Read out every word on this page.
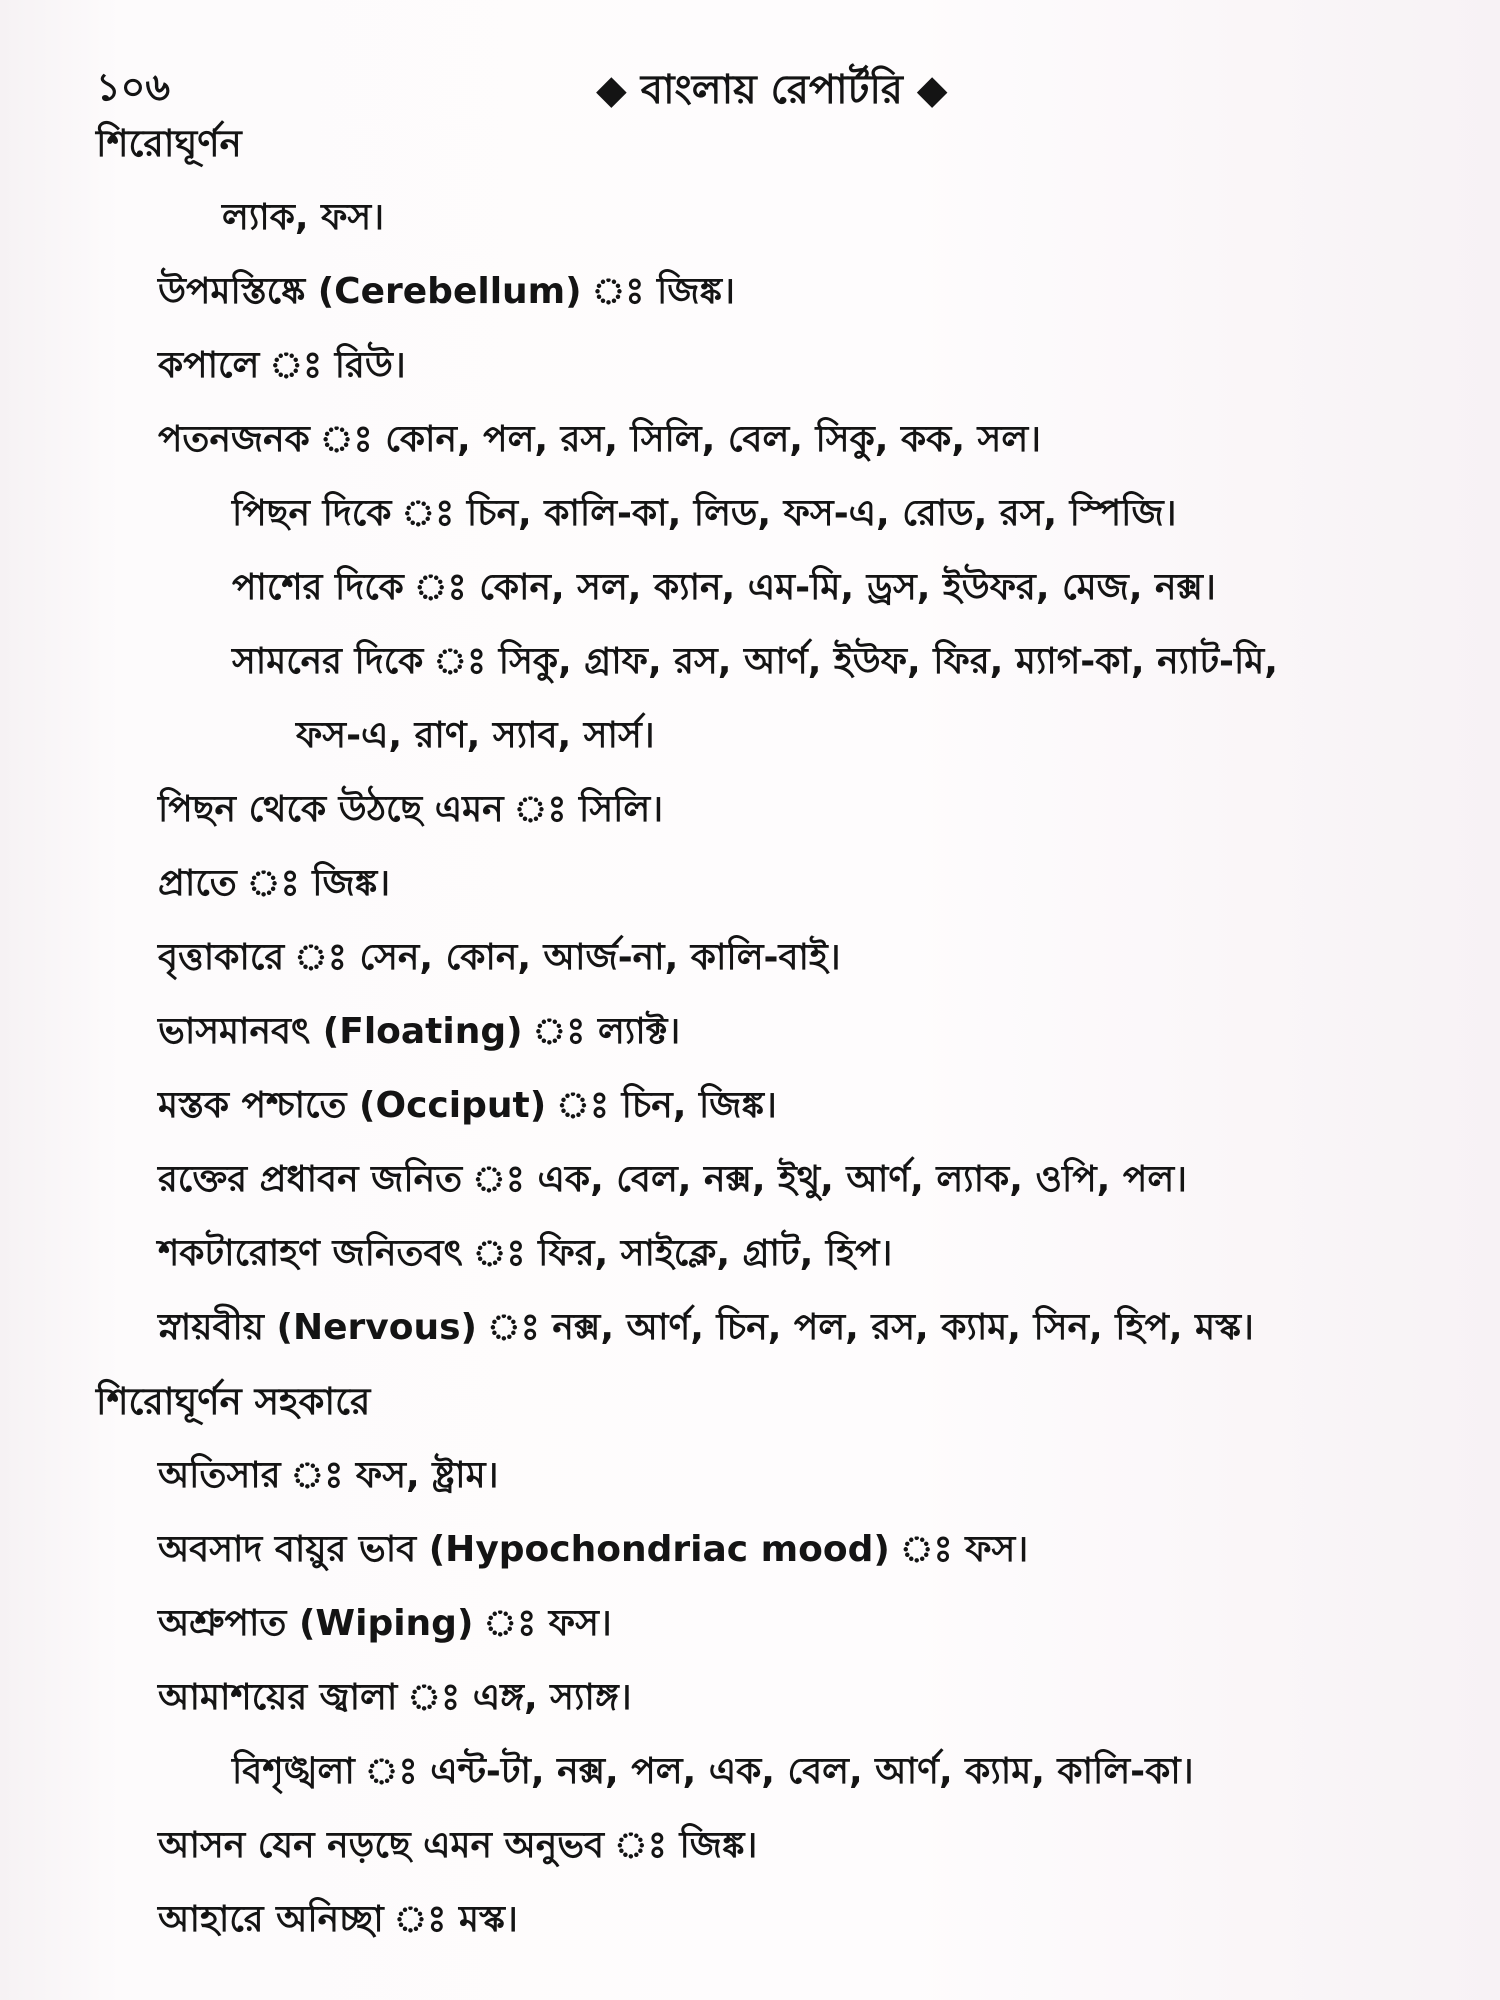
১০৬	◆ বাংলায় রেপার্টরি ◆
শিরোঘূর্ণন
ল্যাক, ফস।
উপমস্তিষ্কে (Cerebellum) ঃ জিঙ্ক।
কপালে ঃ রিউ।
পতনজনক ঃ কোন, পল, রস, সিলি, বেল, সিকু, কক, সল।
পিছন দিকে ঃ চিন, কালি-কা, লিড, ফস-এ, রোড, রস, স্পিজি।
পাশের দিকে ঃ কোন, সল, ক্যান, এম-মি, ড্রস, ইউফর, মেজ, নক্স।
সামনের দিকে ঃ সিকু, গ্রাফ, রস, আর্ণ, ইউফ, ফির, ম্যাগ-কা, ন্যাট-মি,
ফস-এ, রাণ, স্যাব, সার্স।
পিছন থেকে উঠছে এমন ঃ সিলি।
প্রাতে ঃ জিঙ্ক।
বৃত্তাকারে ঃ সেন, কোন, আর্জ-না, কালি-বাই।
ভাসমানবৎ (Floating) ঃ ল্যাক্ট।
মস্তক পশ্চাতে (Occiput) ঃ চিন, জিঙ্ক।
রক্তের প্রধাবন জনিত ঃ এক, বেল, নক্স, ইথু, আর্ণ, ল্যাক, ওপি, পল।
শকটারোহণ জনিতবৎ ঃ ফির, সাইক্লে, গ্রাট, হিপ।
স্নায়বীয় (Nervous) ঃ নক্স, আর্ণ, চিন, পল, রস, ক্যাম, সিন, হিপ, মস্ক।
শিরোঘূর্ণন সহকারে
অতিসার ঃ ফস, ষ্ট্রাম।
অবসাদ বায়ুর ভাব (Hypochondriac mood) ঃ ফস।
অশ্রুপাত (Wiping) ঃ ফস।
আমাশয়ের জ্বালা ঃ এঙ্গ, স্যাঙ্গ।
বিশৃঙ্খলা ঃ এন্ট-টা, নক্স, পল, এক, বেল, আর্ণ, ক্যাম, কালি-কা।
আসন যেন নড়ছে এমন অনুভব ঃ জিঙ্ক।
আহারে অনিচ্ছা ঃ মস্ক।
